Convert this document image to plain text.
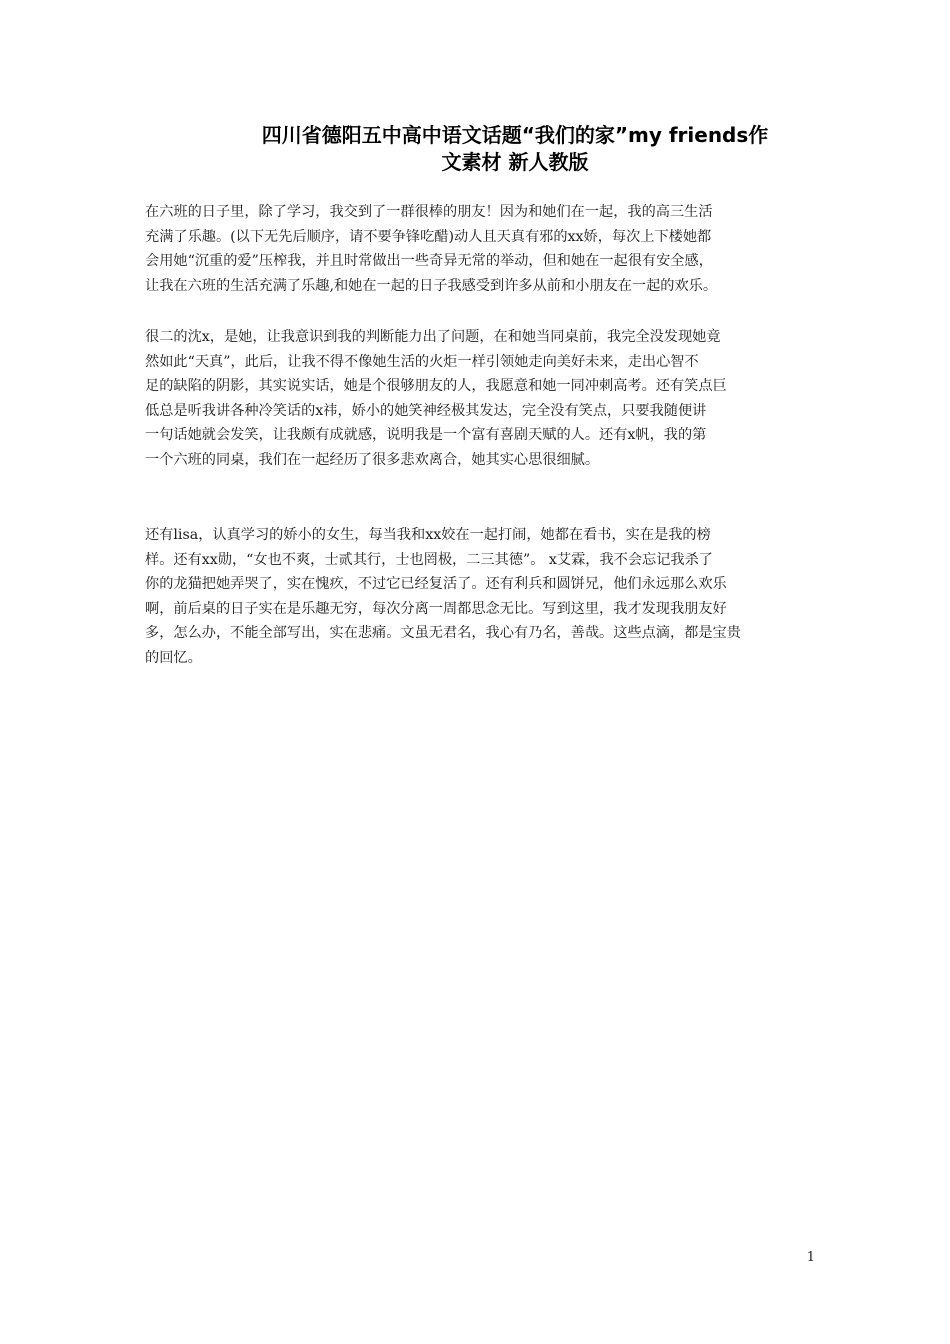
四川省德阳五中高中语文话题“我们的家”my friends作
文素材 新人教版
在六班的日子里，除了学习，我交到了一群很棒的朋友！因为和她们在一起，我的高三生活
充满了乐趣。(以下无先后顺序，请不要争锋吃醋)动人且天真有邪的xx娇，每次上下楼她都
会用她“沉重的爱”压榨我，并且时常做出一些奇异无常的举动，但和她在一起很有安全感，
让我在六班的生活充满了乐趣,和她在一起的日子我感受到许多从前和小朋友在一起的欢乐。
很二的沈x，是她，让我意识到我的判断能力出了问题，在和她当同桌前，我完全没发现她竟
然如此“天真”，此后，让我不得不像她生活的火炬一样引领她走向美好未来，走出心智不
足的缺陷的阴影，其实说实话，她是个很够朋友的人，我愿意和她一同冲刺高考。还有笑点巨
低总是听我讲各种冷笑话的x祎，娇小的她笑神经极其发达，完全没有笑点，只要我随便讲
一句话她就会发笑，让我颇有成就感，说明我是一个富有喜剧天赋的人。还有x帆，我的第
一个六班的同桌，我们在一起经历了很多悲欢离合，她其实心思很细腻。
还有lisa，认真学习的娇小的女生，每当我和xx姣在一起打闹，她都在看书，实在是我的榜
样。还有xx勋，“女也不爽，士贰其行，士也罔极，二三其德”。 x艾霖，我不会忘记我杀了
你的龙猫把她弄哭了，实在愧疚，不过它已经复活了。还有利兵和圆饼兄，他们永远那么欢乐
啊，前后桌的日子实在是乐趣无穷，每次分离一周都思念无比。写到这里，我才发现我朋友好
多，怎么办，不能全部写出，实在悲痛。文虽无君名，我心有乃名，善哉。这些点滴，都是宝贵
的回忆。
1
